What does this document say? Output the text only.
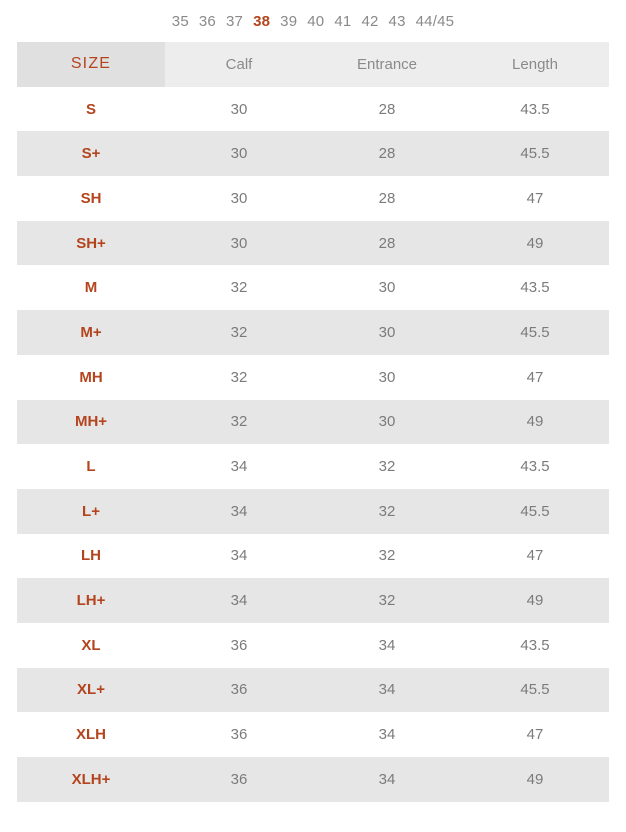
35 36 37 38 39 40 41 42 43 44/45
SIZE	Calf	Entrance	Length
S	30	28	43.5
S+	30	28	45.5
SH	30	28	47
SH+	30	28	49
M	32	30	43.5
M+	32	30	45.5
MH	32	30	47
MH+	32	30	49
L	34	32	43.5
L+	34	32	45.5
LH	34	32	47
LH+	34	32	49
XL	36	34	43.5
XL+	36	34	45.5
XLH	36	34	47
XLH+	36	34	49
